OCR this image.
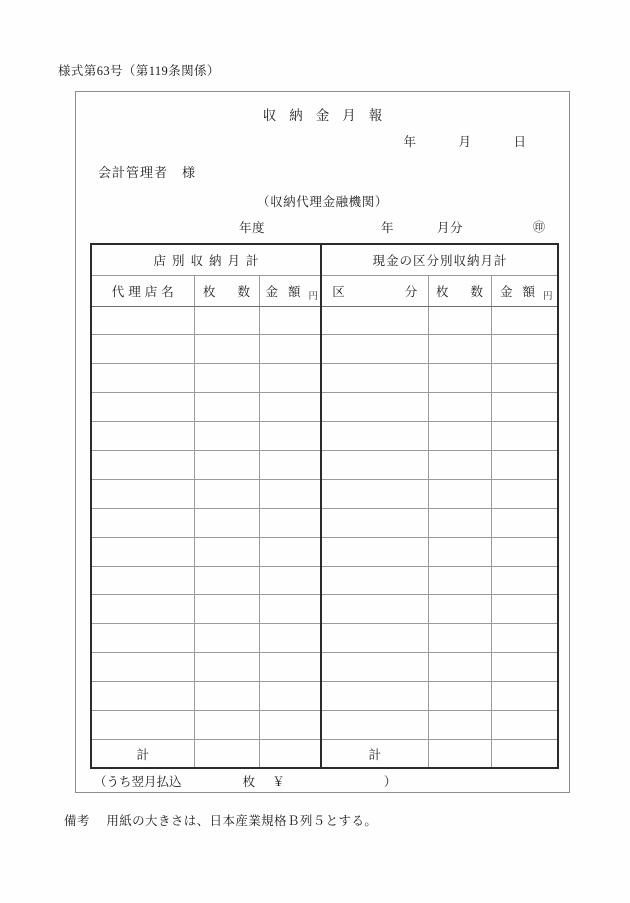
様式第63号（第119条関係）
収納金月報
年　月　日
会計管理者　様
（収納代理金融機関）
年度	年	月分	㊞
店別収納月計			現金の区分別収納月計		
代理店名	枚 数	金 額 円	区 分	枚 数	金 額 円

計			計		
（うち翌月払込	枚 ￥	）
備考 用紙の大きさは、日本産業規格Ｂ列５とする。
